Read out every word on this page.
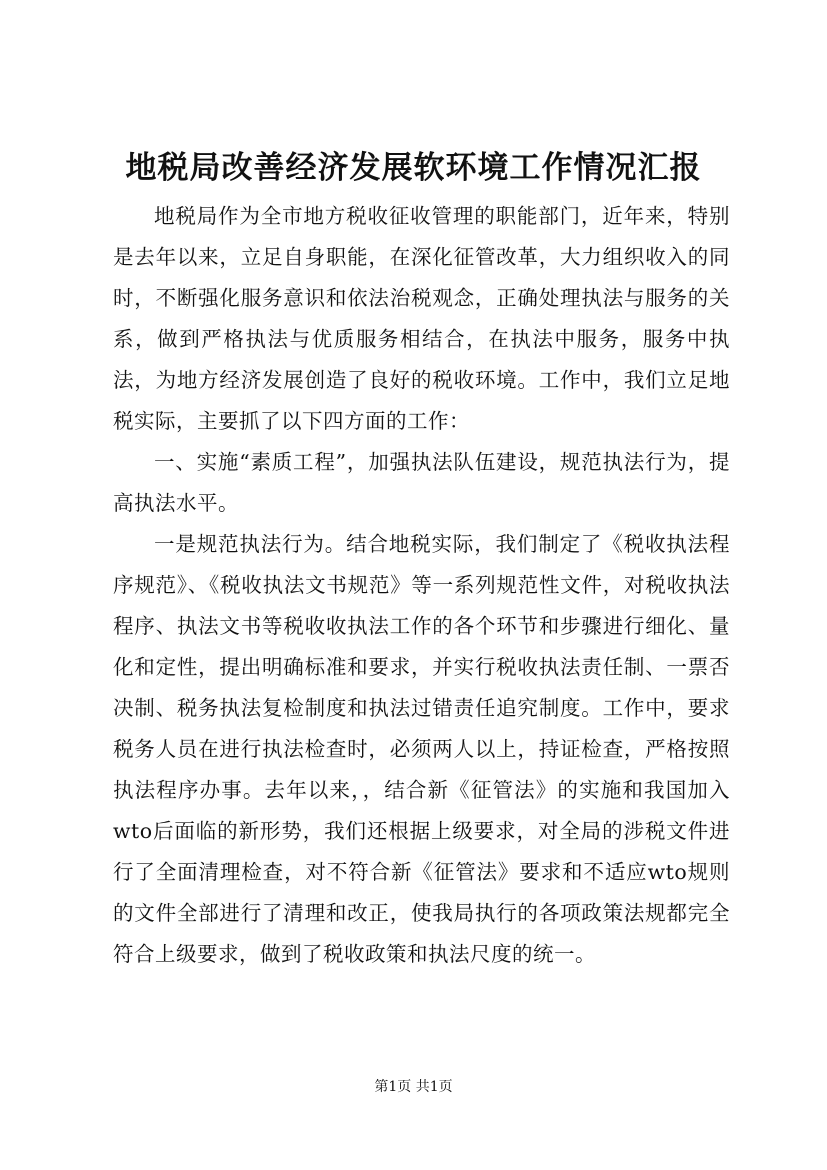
地税局改善经济发展软环境工作情况汇报

地税局作为全市地方税收征收管理的职能部门，近年来，特别是去年以来，立足自身职能，在深化征管改革，大力组织收入的同时，不断强化服务意识和依法治税观念，正确处理执法与服务的关系，做到严格执法与优质服务相结合，在执法中服务，服务中执法，为地方经济发展创造了良好的税收环境。工作中，我们立足地税实际，主要抓了以下四方面的工作：

一、实施“素质工程”，加强执法队伍建设，规范执法行为，提高执法水平。

一是规范执法行为。结合地税实际，我们制定了《税收执法程序规范》、《税收执法文书规范》等一系列规范性文件，对税收执法程序、执法文书等税收收执法工作的各个环节和步骤进行细化、量化和定性，提出明确标准和要求，并实行税收执法责任制、一票否决制、税务执法复检制度和执法过错责任追究制度。工作中，要求税务人员在进行执法检查时，必须两人以上，持证检查，严格按照执法程序办事。去年以来，，结合新《征管法》的实施和我国加入wto后面临的新形势，我们还根据上级要求，对全局的涉税文件进行了全面清理检查，对不符合新《征管法》要求和不适应wto规则的文件全部进行了清理和改正，使我局执行的各项政策法规都完全符合上级要求，做到了税收政策和执法尺度的统一。

第1页 共1页
